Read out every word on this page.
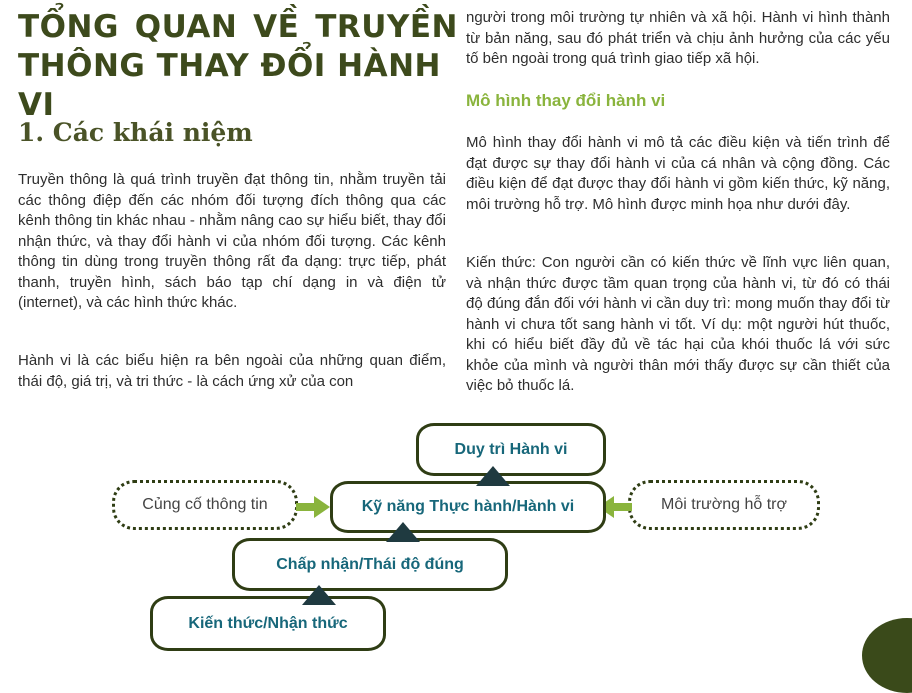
TỔNG QUAN VỀ TRUYỀN
THÔNG THAY ĐỔI HÀNH VI
1. Các khái niệm

Truyền thông là quá trình truyền đạt thông tin, nhằm truyền tải các thông điệp đến các nhóm đối tượng đích thông qua các kênh thông tin khác nhau - nhằm nâng cao sự hiểu biết, thay đổi nhận thức, và thay đổi hành vi của nhóm đối tượng. Các kênh thông tin dùng trong truyền thông rất đa dạng: trực tiếp, phát thanh, truyền hình, sách báo tạp chí dạng in và điện tử (internet), và các hình thức khác.

Hành vi là các biểu hiện ra bên ngoài của những quan điểm, thái độ, giá trị, và tri thức - là cách ứng xử của con

người trong môi trường tự nhiên và xã hội. Hành vi hình thành từ bản năng, sau đó phát triển và chịu ảnh hưởng của các yếu tố bên ngoài trong quá trình giao tiếp xã hội.

Mô hình thay đổi hành vi

Mô hình thay đổi hành vi mô tả các điều kiện và tiến trình để đạt được sự thay đổi hành vi của cá nhân và cộng đồng. Các điều kiện để đạt được thay đổi hành vi gồm kiến thức, kỹ năng, môi trường hỗ trợ. Mô hình được minh họa như dưới đây.

Kiến thức: Con người cần có kiến thức về lĩnh vực liên quan, và nhận thức được tầm quan trọng của hành vi, từ đó có thái độ đúng đắn đối với hành vi cần duy trì: mong muốn thay đổi từ hành vi chưa tốt sang hành vi tốt. Ví dụ: một người hút thuốc, khi có hiểu biết đầy đủ về tác hại của khói thuốc lá với sức khỏe của mình và người thân mới thấy được sự cần thiết của việc bỏ thuốc lá.

Duy trì Hành vi
Củng cố thông tin	Môi trường hỗ trợ
Kỹ năng Thực hành/Hành vi
Chấp nhận/Thái độ đúng
Kiến thức/Nhận thức
